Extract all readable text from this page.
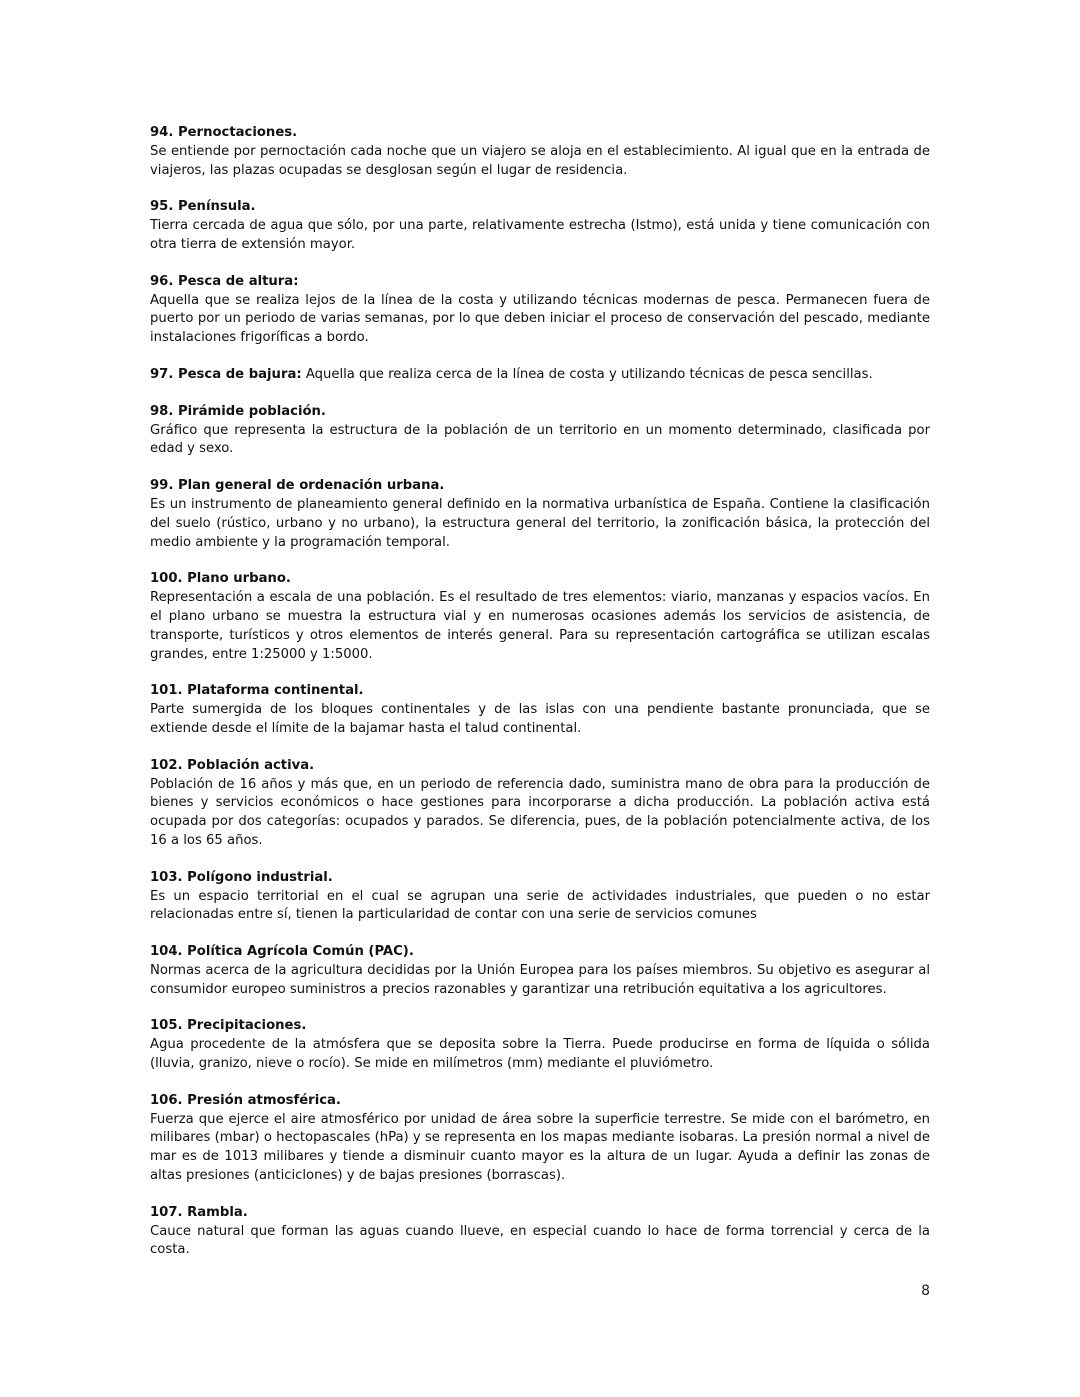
94. Pernoctaciones.
Se entiende por pernoctación cada noche que un viajero se aloja en el establecimiento. Al igual que en la entrada de viajeros, las plazas ocupadas se desglosan según el lugar de residencia.
95. Península.
Tierra cercada de agua que sólo, por una parte, relativamente estrecha (Istmo), está unida y tiene comunicación con otra tierra de extensión mayor.
96. Pesca de altura:
Aquella que se realiza lejos de la línea de la costa y utilizando técnicas modernas de pesca. Permanecen fuera de puerto por un periodo de varias semanas, por lo que deben iniciar el proceso de conservación del pescado, mediante instalaciones frigoríficas a bordo.
97. Pesca de bajura: Aquella que realiza cerca de la línea de costa y utilizando técnicas de pesca sencillas.
98. Pirámide población.
Gráfico que representa la estructura de la población de un territorio en un momento determinado, clasificada por edad y sexo.
99. Plan general de ordenación urbana.
Es un instrumento de planeamiento general definido en la normativa urbanística de España. Contiene la clasificación del suelo (rústico, urbano y no urbano), la estructura general del territorio, la zonificación básica, la protección del medio ambiente y la programación temporal.
100. Plano urbano.
Representación a escala de una población. Es el resultado de tres elementos: viario, manzanas y espacios vacíos. En el plano urbano se muestra la estructura vial y en numerosas ocasiones además los servicios de asistencia, de transporte, turísticos y otros elementos de interés general. Para su representación cartográfica se utilizan escalas grandes, entre 1:25000 y 1:5000.
101. Plataforma continental.
Parte sumergida de los bloques continentales y de las islas con una pendiente bastante pronunciada, que se extiende desde el límite de la bajamar hasta el talud continental.
102. Población activa.
Población de 16 años y más que, en un periodo de referencia dado, suministra mano de obra para la producción de bienes y servicios económicos o hace gestiones para incorporarse a dicha producción. La población activa está ocupada por dos categorías: ocupados y parados. Se diferencia, pues, de la población potencialmente activa, de los 16 a los 65 años.
103. Polígono industrial.
Es un espacio territorial en el cual se agrupan una serie de actividades industriales, que pueden o no estar relacionadas entre sí, tienen la particularidad de contar con una serie de servicios comunes
104. Política Agrícola Común (PAC).
Normas acerca de la agricultura decididas por la Unión Europea para los países miembros. Su objetivo es asegurar al consumidor europeo suministros a precios razonables y garantizar una retribución equitativa a los agricultores.
105. Precipitaciones.
Agua procedente de la atmósfera que se deposita sobre la Tierra. Puede producirse en forma de líquida o sólida (lluvia, granizo, nieve o rocío). Se mide en milímetros (mm) mediante el pluviómetro.
106. Presión atmosférica.
Fuerza que ejerce el aire atmosférico por unidad de área sobre la superficie terrestre. Se mide con el barómetro, en milibares (mbar) o hectopascales (hPa) y se representa en los mapas mediante isobaras. La presión normal a nivel de mar es de 1013 milibares y tiende a disminuir cuanto mayor es la altura de un lugar. Ayuda a definir las zonas de altas presiones (anticiclones) y de bajas presiones (borrascas).
107. Rambla.
Cauce natural que forman las aguas cuando llueve, en especial cuando lo hace de forma torrencial y cerca de la costa.
8
